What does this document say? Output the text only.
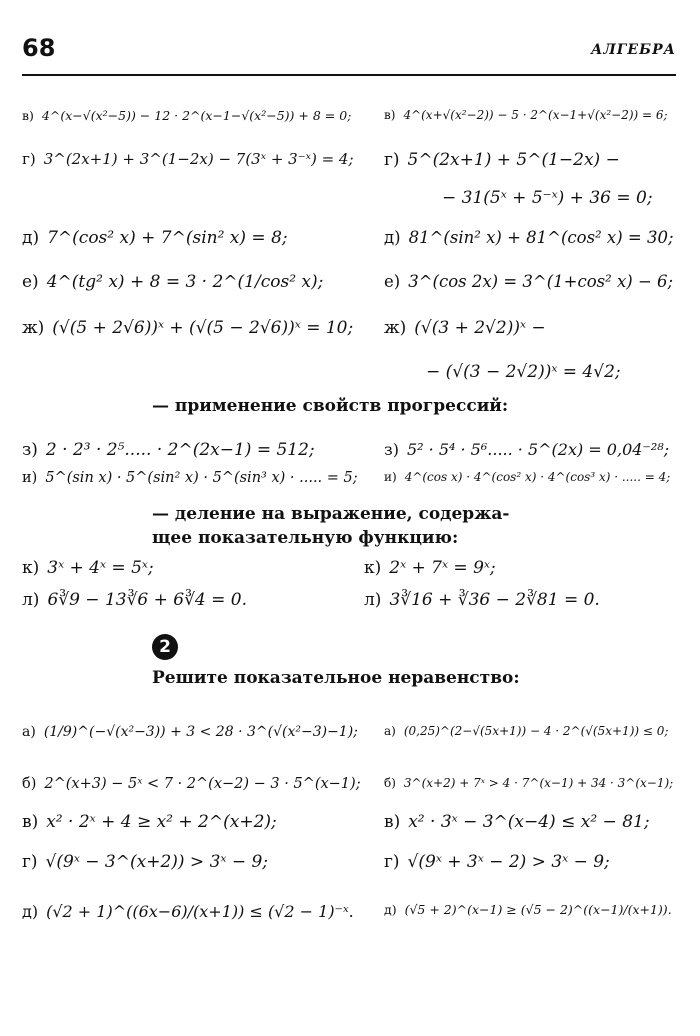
68	АЛГЕБРА
в) 4^(x−√(x²−5)) − 12 · 2^(x−1−√(x²−5)) + 8 = 0;	в) 4^(x+√(x²−2)) − 5 · 2^(x−1+√(x²−2)) = 6;
г) 3^(2x+1) + 3^(1−2x) − 7(3ˣ + 3⁻ˣ) = 4; г) 5^(2x+1) + 5^(1−2x) −
− 31(5ˣ + 5⁻ˣ) + 36 = 0;
д) 7^(cos² x) + 7^(sin² x) = 8;	д) 81^(sin² x) + 81^(cos² x) = 30;
е) 4^(tg² x) + 8 = 3 · 2^(1/cos² x);	е) 3^(cos 2x) = 3^(1+cos² x) − 6;
ж) (√(5 + 2√6))ˣ + (√(5 − 2√6))ˣ = 10; ж) (√(3 + 2√2))ˣ −
− (√(3 − 2√2))ˣ = 4√2;
— применение свойств прогрессий:
з) 2 · 2³ · 2⁵..... · 2^(2x−1) = 512;	з) 5² · 5⁴ · 5⁶..... · 5^(2x) = 0,04⁻²⁸;
и) 5^(sin x) · 5^(sin² x) · 5^(sin³ x) · ..... = 5; и) 4^(cos x) · 4^(cos² x) · 4^(cos³ x) · ..... = 4;
— деление на выражение, содержа-
щее показательную функцию:
к) 3ˣ + 4ˣ = 5ˣ;	к) 2ˣ + 7ˣ = 9ˣ;
л) 6∛9 − 13∛6 + 6∛4 = 0.	л) 3∛16 + ∛36 − 2∛81 = 0.
2
Решите показательное неравенство:
а) (1/9)^(−√(x²−3)) + 3 < 28 · 3^(√(x²−3)−1); а) (0,25)^(2−√(5x+1)) − 4 · 2^(√(5x+1)) ≤ 0;
б) 2^(x+3) − 5ˣ < 7 · 2^(x−2) − 3 · 5^(x−1); б) 3^(x+2) + 7ˣ > 4 · 7^(x−1) + 34 · 3^(x−1);
в) x² · 2ˣ + 4 ≥ x² + 2^(x+2);	в) x² · 3ˣ − 3^(x−4) ≤ x² − 81;
г) √(9ˣ − 3^(x+2)) > 3ˣ − 9;	г) √(9ˣ + 3ˣ − 2) > 3ˣ − 9;
д) (√2 + 1)^((6x−6)/(x+1)) ≤ (√2 − 1)⁻ˣ. д) (√5 + 2)^(x−1) ≥ (√5 − 2)^((x−1)/(x+1)).
